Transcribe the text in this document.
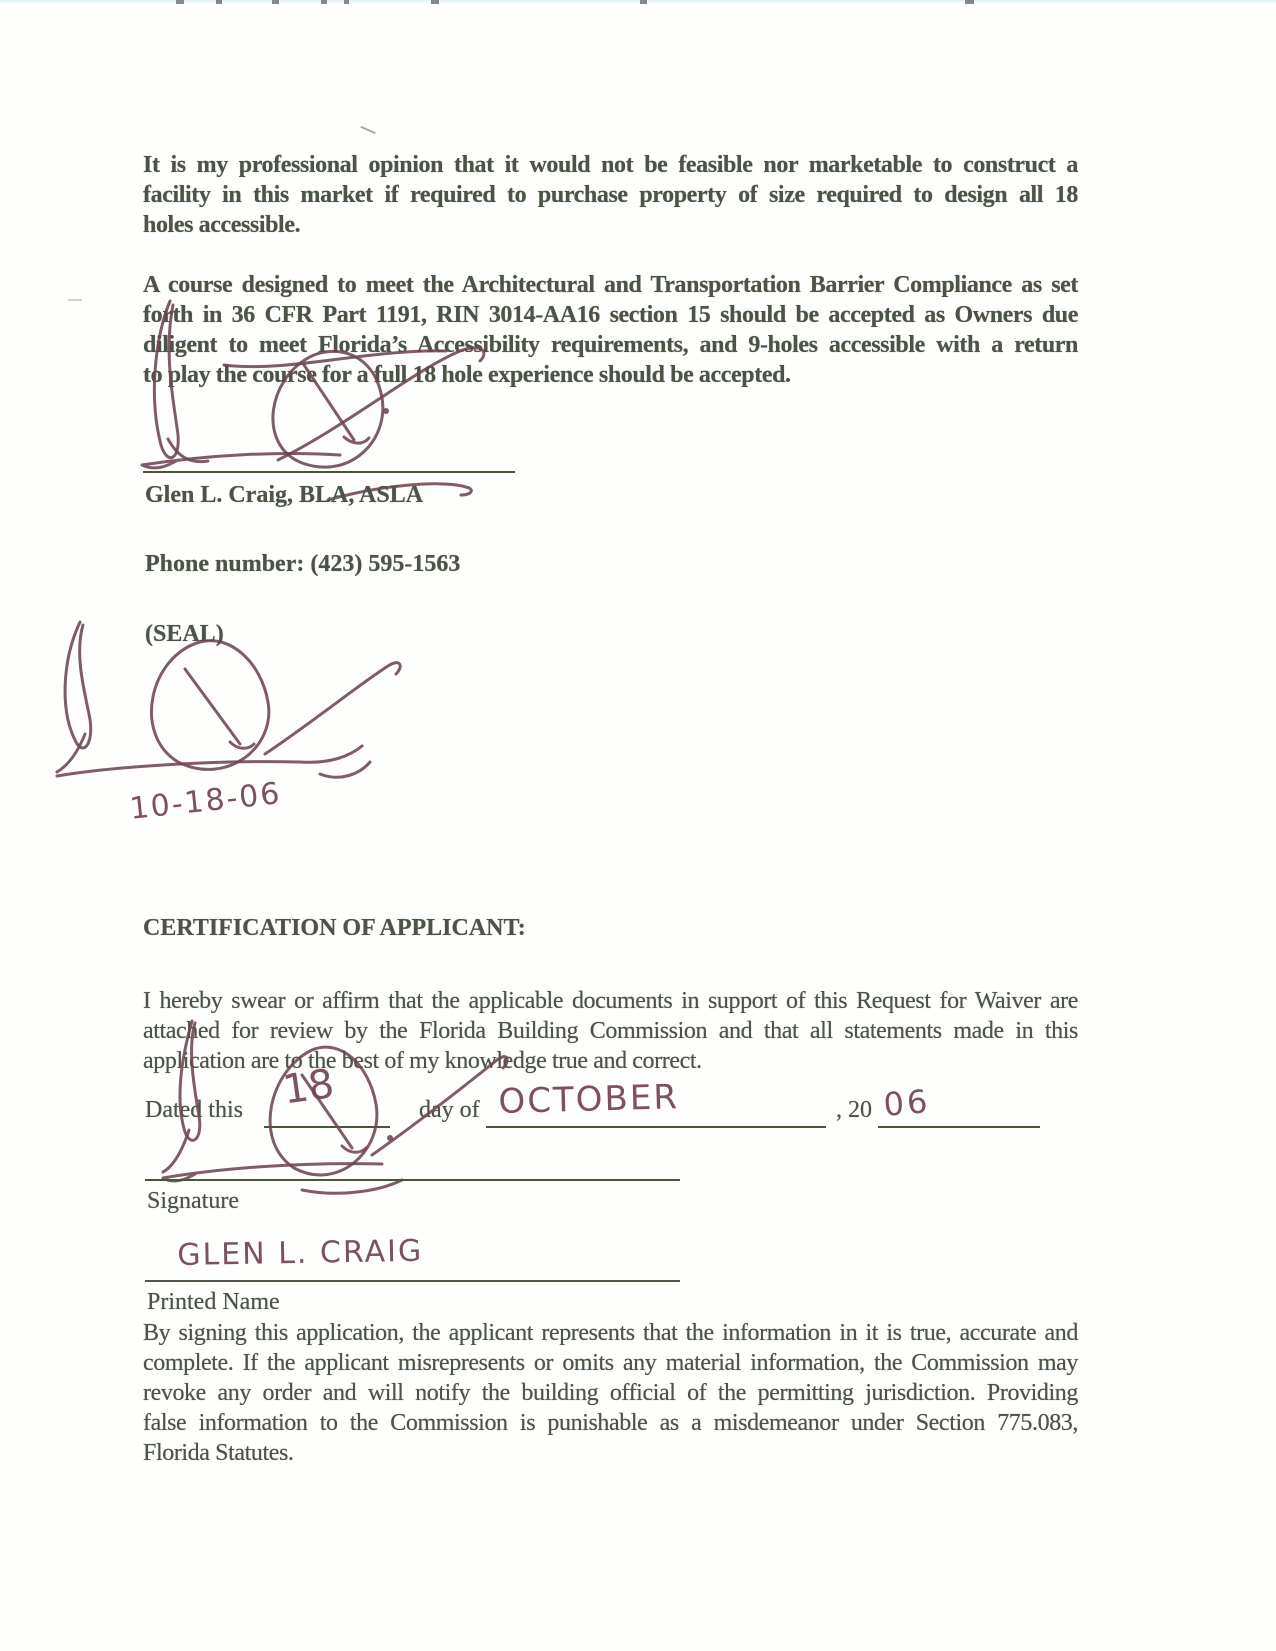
It is my professional opinion that it would not be feasible nor marketable to construct a
facility in this market if required to purchase property of size required to design all 18
holes accessible.
A course designed to meet the Architectural and Transportation Barrier Compliance as set
forth in 36 CFR Part 1191, RIN 3014-AA16 section 15 should be accepted as Owners due
diligent to meet Florida’s Accessibility requirements, and 9-holes accessible with a return
to play the course for a full 18 hole experience should be accepted.
Glen L. Craig, BLA, ASLA
Phone number: (423) 595-1563
(SEAL)
10-18-06
CERTIFICATION OF APPLICANT:
I hereby swear or affirm that the applicable documents in support of this Request for Waiver are
attached for review by the Florida Building Commission and that all statements made in this
application are to the best of my knowledge true and correct.
Dated this 18	day of OCTOBER	, 20 06
Signature
GLEN L. CRAIG
Printed Name
By signing this application, the applicant represents that the information in it is true, accurate and
complete. If the applicant misrepresents or omits any material information, the Commission may
revoke any order and will notify the building official of the permitting jurisdiction. Providing
false information to the Commission is punishable as a misdemeanor under Section 775.083,
Florida Statutes.
